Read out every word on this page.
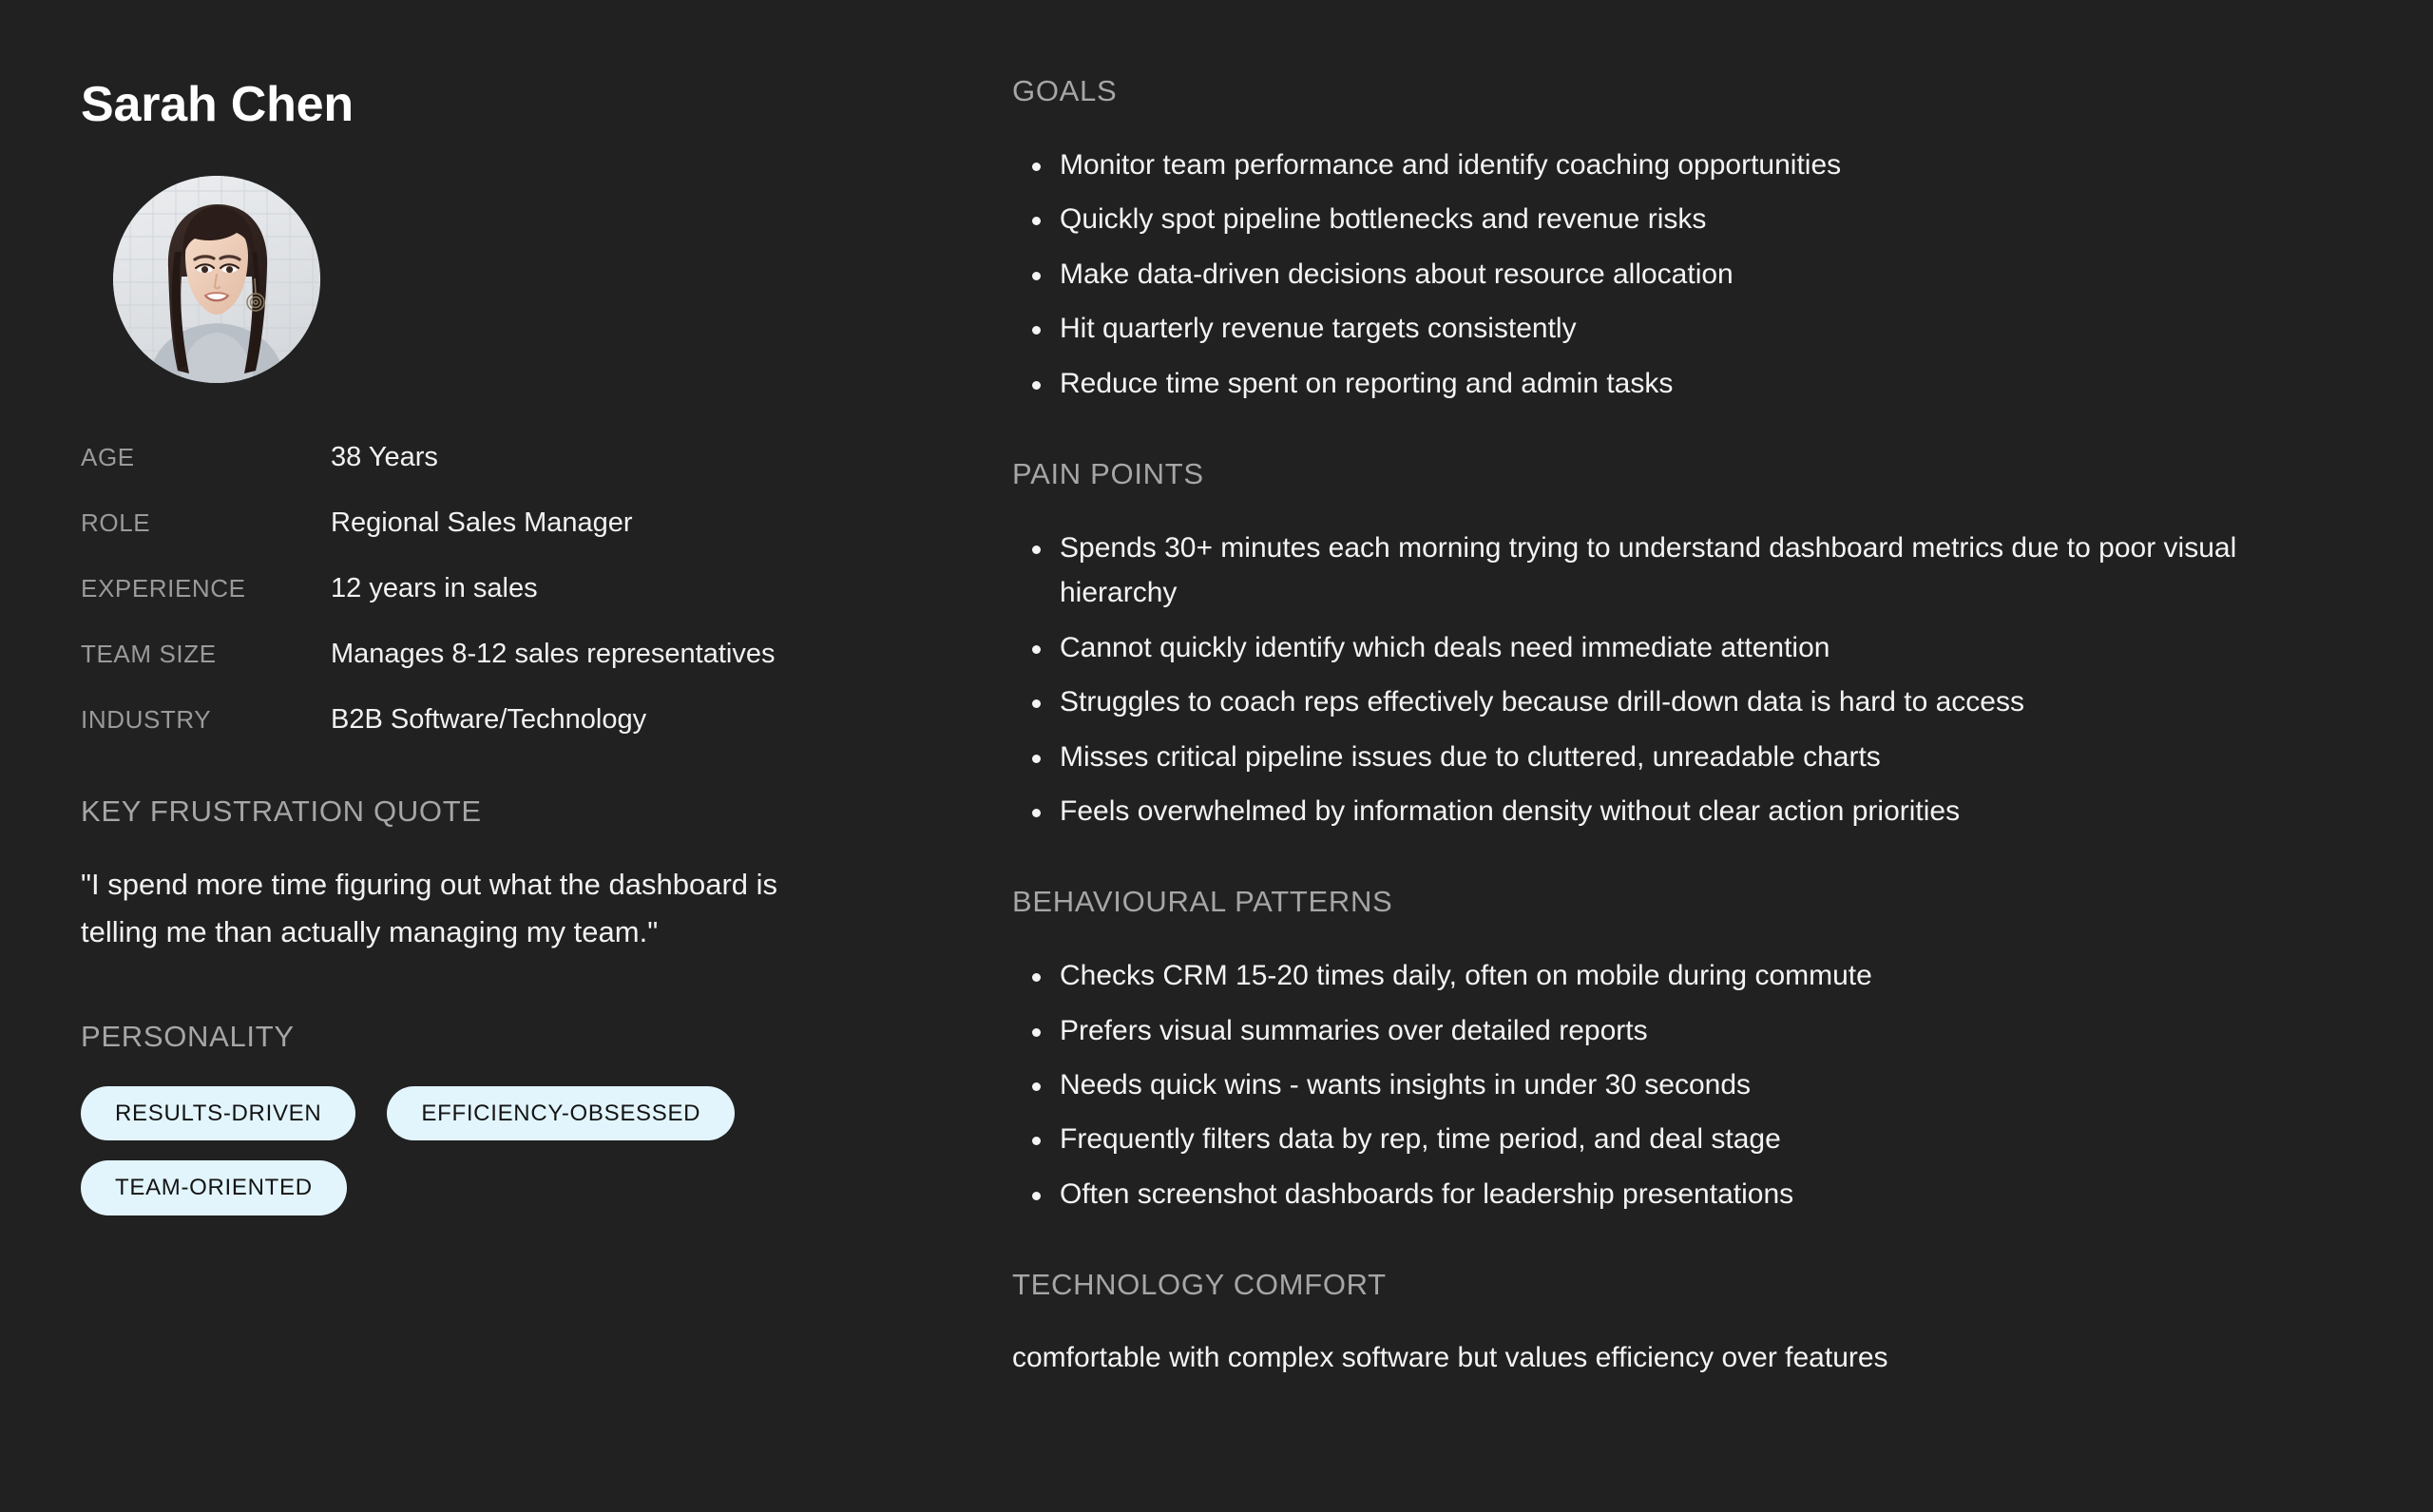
Sarah Chen
AGE	38 Years
ROLE	Regional Sales Manager
EXPERIENCE	12 years in sales
TEAM SIZE	Manages 8-12 sales representatives
INDUSTRY	B2B Software/Technology
KEY FRUSTRATION QUOTE

"I spend more time figuring out what the dashboard is telling me than actually managing my team."

PERSONALITY
RESULTS-DRIVEN	EFFICIENCY-OBSESSED
TEAM-ORIENTED
GOALS
Monitor team performance and identify coaching opportunities
Quickly spot pipeline bottlenecks and revenue risks
Make data-driven decisions about resource allocation
Hit quarterly revenue targets consistently
Reduce time spent on reporting and admin tasks
PAIN POINTS
Spends 30+ minutes each morning trying to understand dashboard metrics due to poor visual hierarchy
Cannot quickly identify which deals need immediate attention
Struggles to coach reps effectively because drill-down data is hard to access
Misses critical pipeline issues due to cluttered, unreadable charts
Feels overwhelmed by information density without clear action priorities
BEHAVIOURAL PATTERNS
Checks CRM 15-20 times daily, often on mobile during commute
Prefers visual summaries over detailed reports
Needs quick wins - wants insights in under 30 seconds
Frequently filters data by rep, time period, and deal stage
Often screenshot dashboards for leadership presentations
TECHNOLOGY COMFORT

comfortable with complex software but values efficiency over features
